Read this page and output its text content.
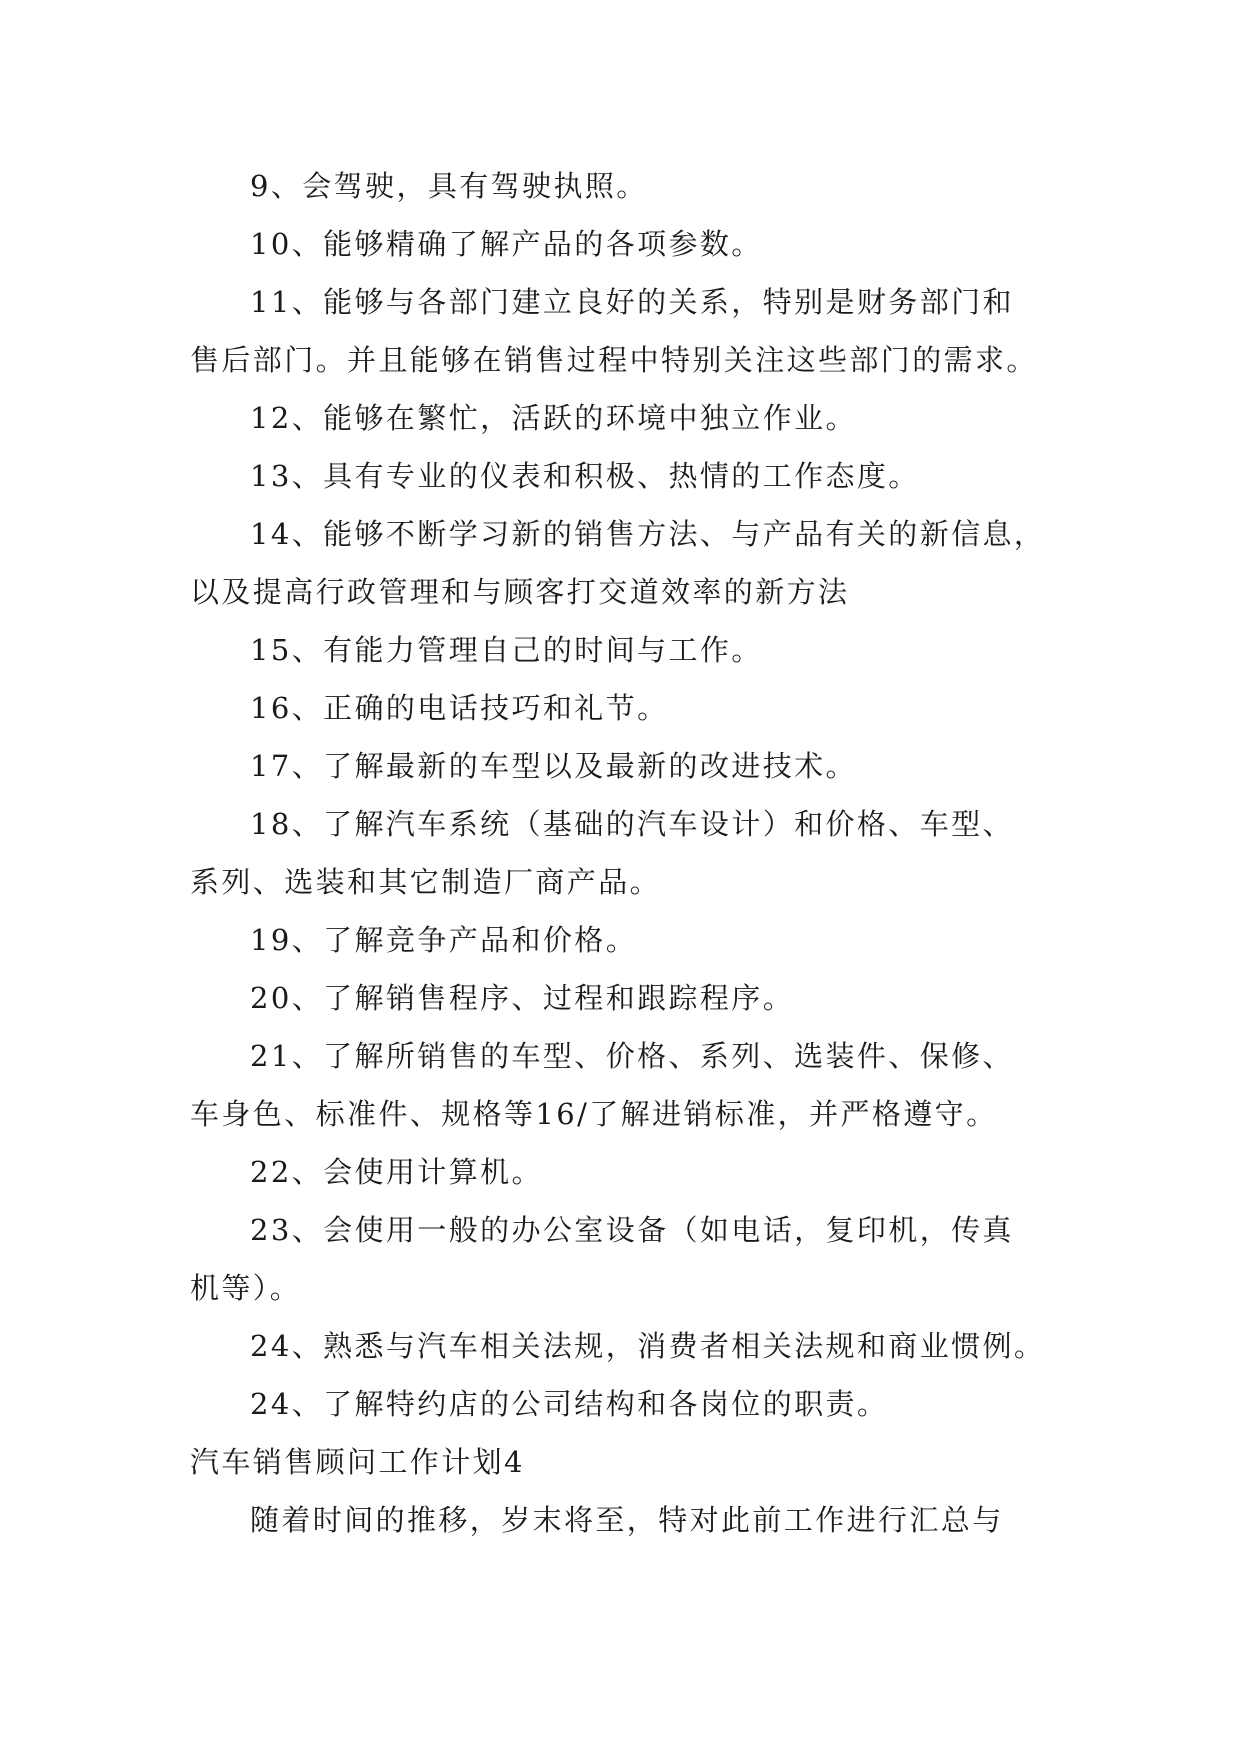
9、会驾驶，具有驾驶执照。
10、能够精确了解产品的各项参数。
11、能够与各部门建立良好的关系，特别是财务部门和
售后部门。并且能够在销售过程中特别关注这些部门的需求。
12、能够在繁忙，活跃的环境中独立作业。
13、具有专业的仪表和积极、热情的工作态度。
14、能够不断学习新的销售方法、与产品有关的新信息，
以及提高行政管理和与顾客打交道效率的新方法
15、有能力管理自己的时间与工作。
16、正确的电话技巧和礼节。
17、了解最新的车型以及最新的改进技术。
18、了解汽车系统（基础的汽车设计）和价格、车型、
系列、选装和其它制造厂商产品。
19、了解竞争产品和价格。
20、了解销售程序、过程和跟踪程序。
21、了解所销售的车型、价格、系列、选装件、保修、
车身色、标准件、规格等16/了解进销标准，并严格遵守。
22、会使用计算机。
23、会使用一般的办公室设备（如电话，复印机，传真
机等）。
24、熟悉与汽车相关法规，消费者相关法规和商业惯例。
24、了解特约店的公司结构和各岗位的职责。
汽车销售顾问工作计划4
随着时间的推移，岁末将至，特对此前工作进行汇总与
